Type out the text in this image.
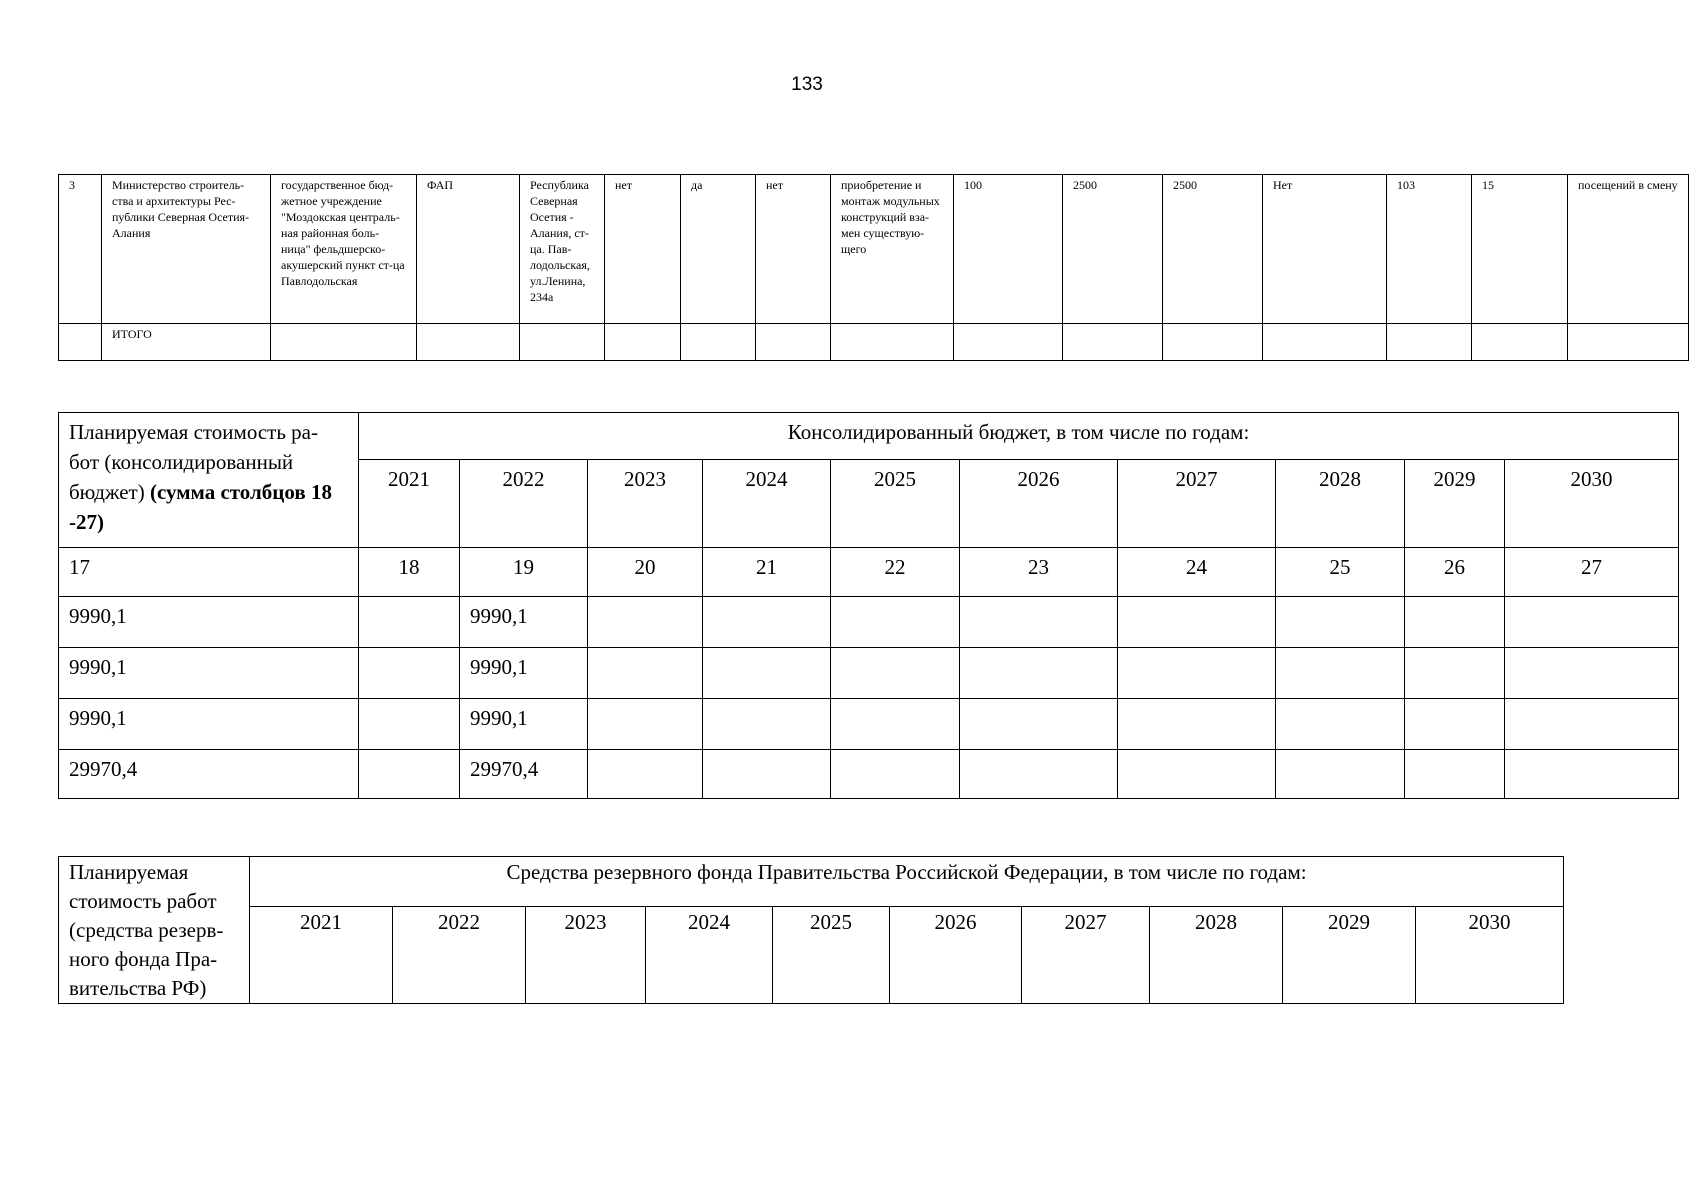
133
3	Министерство строитель-ства и архитектуры Рес-публики Северная Осетия-Алания	государственное бюд-жетное учреждение "Моздокская централь-ная районная боль-ница" фельдшерско-акушерский пункт ст-ца Павлодольская	ФАП	Республика Северная Осетия - Алания, ст-ца. Пав-лодольская, ул.Ленина, 234а	нет	да	нет	приобретение и монтаж модульных конструкций вза-мен существую-щего	100	2500	2500	Нет	103	15	посещений в смену
	ИТОГО														
Планируемая стоимость ра-бот (консолидированный бюджет) (сумма столбцов 18 -27)	Консолидированный бюджет, в том числе по годам:									
	2021	2022	2023	2024	2025	2026	2027	2028	2029	2030
17	18	19	20	21	22	23	24	25	26	27
9990,1		9990,1								
9990,1		9990,1								
9990,1		9990,1								
29970,4		29970,4								
Планируемая стоимость работ (средства резерв-ного фонда Пра-вительства РФ)	Средства резервного фонда Правительства Российской Федерации, в том числе по годам:									
	2021	2022	2023	2024	2025	2026	2027	2028	2029	2030
